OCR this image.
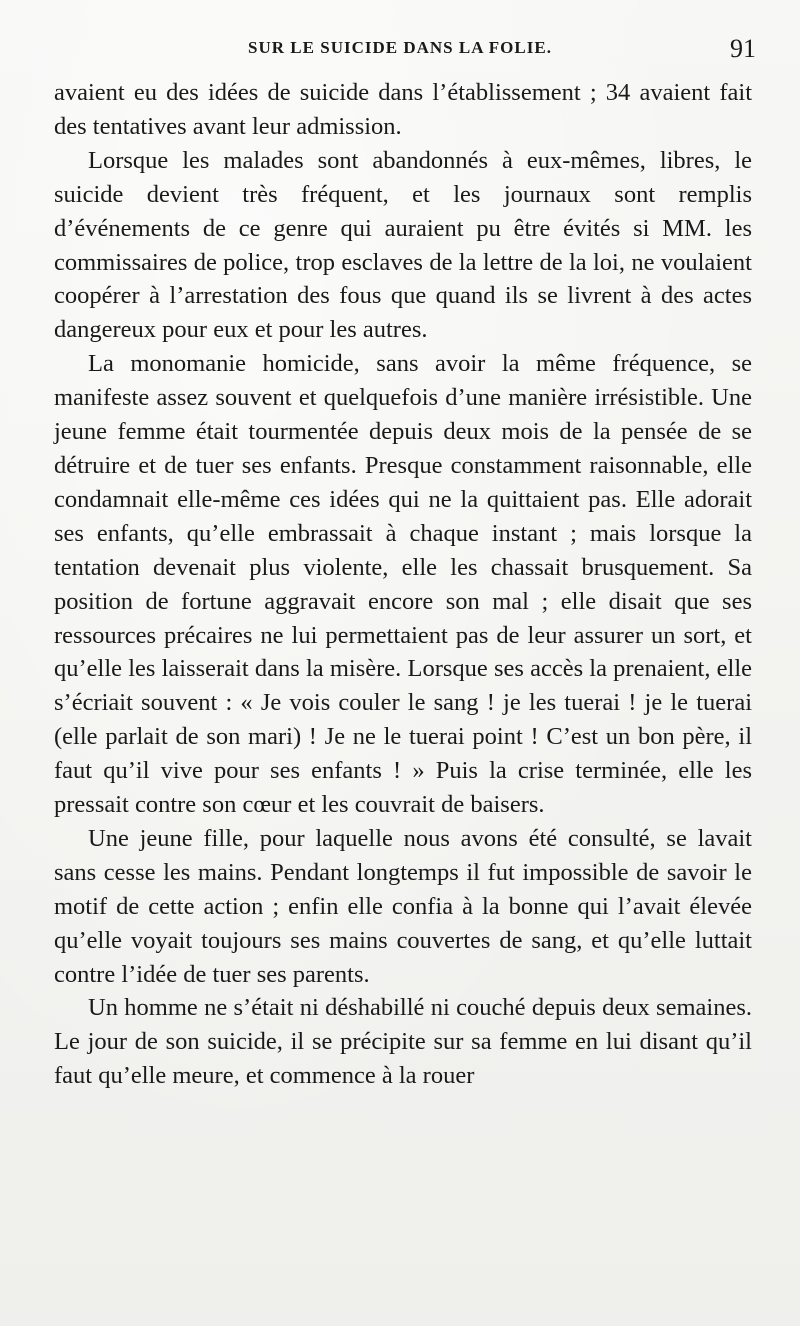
SUR LE SUICIDE DANS LA FOLIE.	91

avaient eu des idées de suicide dans l’établissement ; 34 avaient fait des tentatives avant leur admission.

Lorsque les malades sont abandonnés à eux-mêmes, libres, le suicide devient très fréquent, et les journaux sont remplis d’événements de ce genre qui auraient pu être évités si MM. les commissaires de police, trop esclaves de la lettre de la loi, ne voulaient coopérer à l’arrestation des fous que quand ils se livrent à des actes dangereux pour eux et pour les autres.

La monomanie homicide, sans avoir la même fréquence, se manifeste assez souvent et quelquefois d’une manière irrésistible. Une jeune femme était tourmentée depuis deux mois de la pensée de se détruire et de tuer ses enfants. Presque constamment raisonnable, elle condamnait elle-même ces idées qui ne la quittaient pas. Elle adorait ses enfants, qu’elle embrassait à chaque instant ; mais lorsque la tentation devenait plus violente, elle les chassait brusquement. Sa position de fortune aggravait encore son mal ; elle disait que ses ressources précaires ne lui permettaient pas de leur assurer un sort, et qu’elle les laisserait dans la misère. Lorsque ses accès la prenaient, elle s’écriait souvent : « Je vois couler le sang ! je les tuerai ! je le tuerai (elle parlait de son mari) ! Je ne le tuerai point ! C’est un bon père, il faut qu’il vive pour ses enfants ! » Puis la crise terminée, elle les pressait contre son cœur et les couvrait de baisers.

Une jeune fille, pour laquelle nous avons été consulté, se lavait sans cesse les mains. Pendant longtemps il fut impossible de savoir le motif de cette action ; enfin elle confia à la bonne qui l’avait élevée qu’elle voyait toujours ses mains couvertes de sang, et qu’elle luttait contre l’idée de tuer ses parents.

Un homme ne s’était ni déshabillé ni couché depuis deux semaines. Le jour de son suicide, il se précipite sur sa femme en lui disant qu’il faut qu’elle meure, et commence à la rouer
